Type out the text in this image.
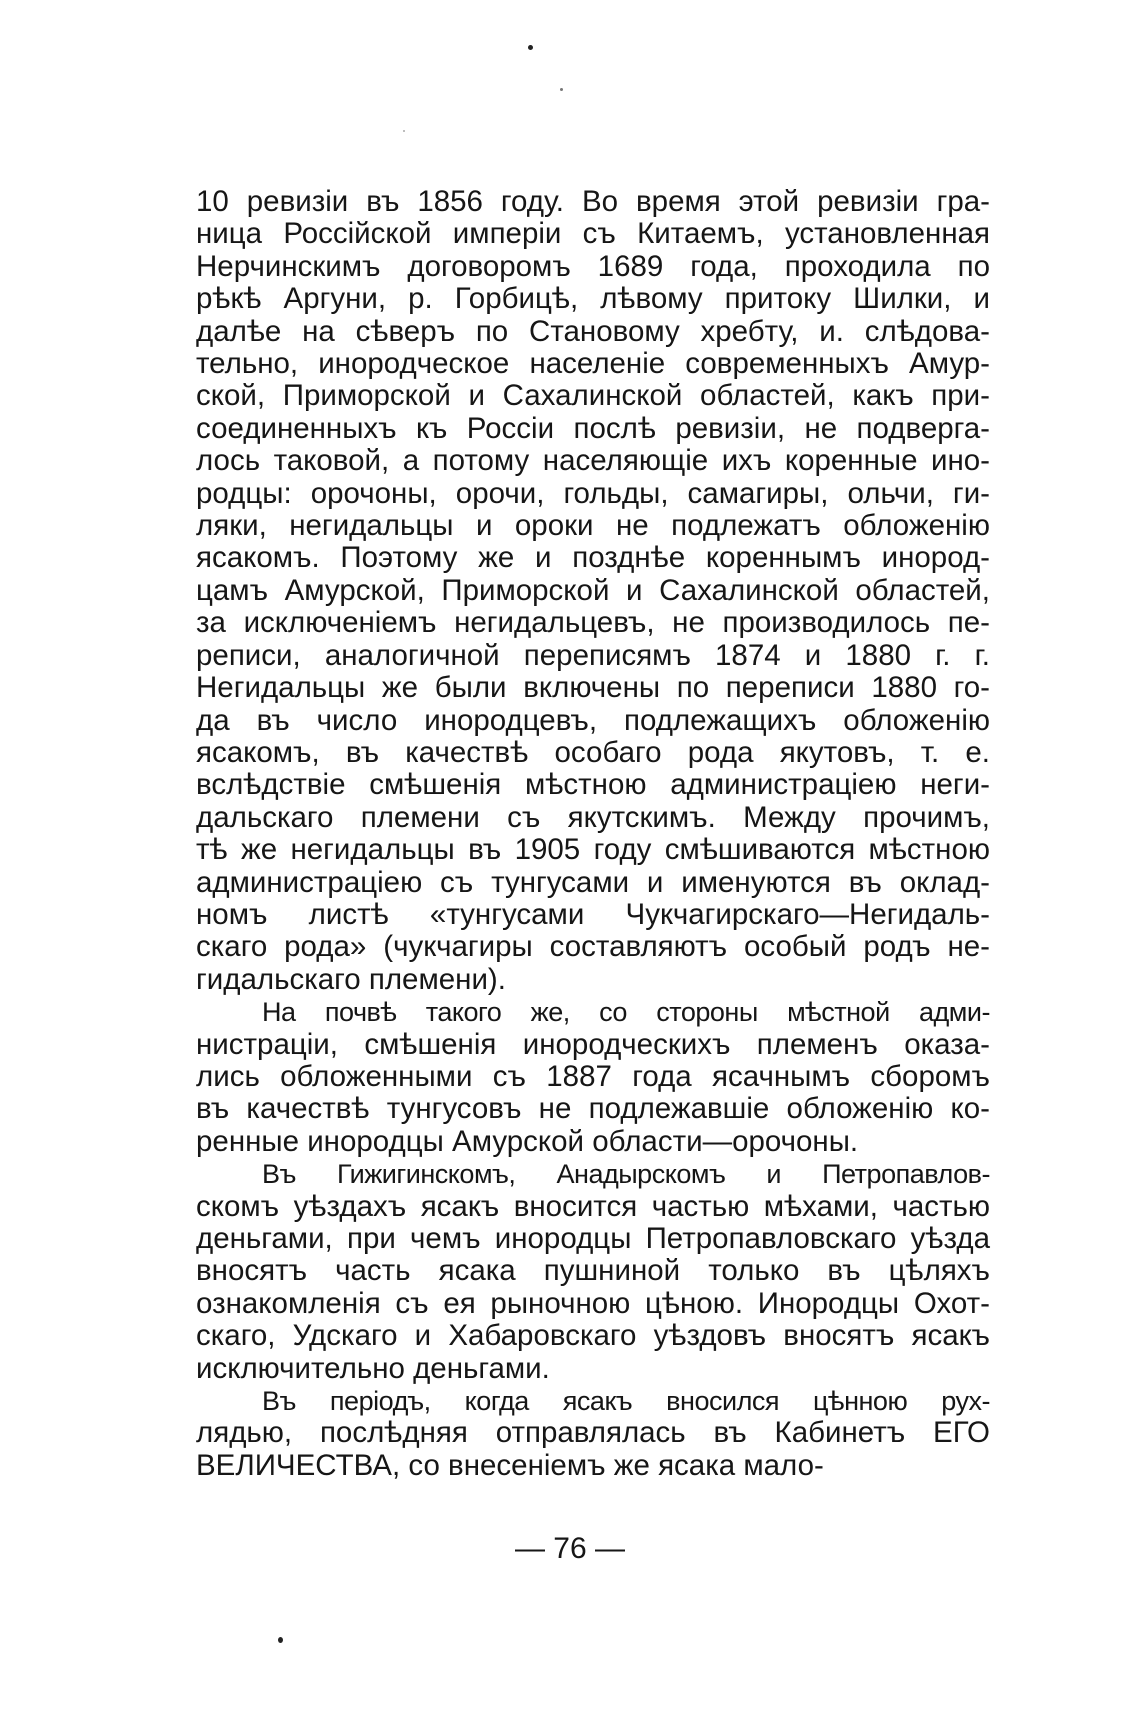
10 ревизіи въ 1856 году. Во время этой ревизіи гра-
ница Россійской имперіи съ Китаемъ, установленная
Нерчинскимъ договоромъ 1689 года, проходила по
рѣкѣ Аргуни, р. Горбицѣ, лѣвому притоку Шилки, и
далѣе на сѣверъ по Становому хребту, и. слѣдова-
тельно, инородческое населеніе современныхъ Амур-
ской, Приморской и Сахалинской областей, какъ при-
соединенныхъ къ Россіи послѣ ревизіи, не подверга-
лось таковой, а потому населяющіе ихъ коренные ино-
родцы: орочоны, орочи, гольды, самагиры, ольчи, ги-
ляки, негидальцы и ороки не подлежатъ обложенію
ясакомъ. Поэтому же и позднѣе кореннымъ инород-
цамъ Амурской, Приморской и Сахалинской областей,
за исключеніемъ негидальцевъ, не производилось пе-
реписи, аналогичной переписямъ 1874 и 1880 г. г.
Негидальцы же были включены по переписи 1880 го-
да въ число инородцевъ, подлежащихъ обложенію
ясакомъ, въ качествѣ особаго рода якутовъ, т. е.
вслѣдствіе смѣшенія мѣстною администраціею неги-
дальскаго племени съ якутскимъ. Между прочимъ,
тѣ же негидальцы въ 1905 году смѣшиваются мѣстною
администраціею съ тунгусами и именуются въ оклад-
номъ листѣ «тунгусами Чукчагирскаго—Негидаль-
скаго рода» (чукчагиры составляютъ особый родъ не-
гидальскаго племени).
На почвѣ такого же, со стороны мѣстной адми-
нистраціи, смѣшенія инородческихъ племенъ оказа-
лись обложенными съ 1887 года ясачнымъ сборомъ
въ качествѣ тунгусовъ не подлежавшіе обложенію ко-
ренные инородцы Амурской области—орочоны.
Въ Гижигинскомъ, Анадырскомъ и Петропавлов-
скомъ уѣздахъ ясакъ вносится частью мѣхами, частью
деньгами, при чемъ инородцы Петропавловскаго уѣзда
вносятъ часть ясака пушниной только въ цѣляхъ
ознакомленія съ ея рыночною цѣною. Инородцы Охот-
скаго, Удскаго и Хабаровскаго уѣздовъ вносятъ ясакъ
исключительно деньгами.
Въ періодъ, когда ясакъ вносился цѣнною рух-
лядью, послѣдняя отправлялась въ Кабинетъ ЕГО
ВЕЛИЧЕСТВА, со внесеніемъ же ясака мало-
— 76 —
